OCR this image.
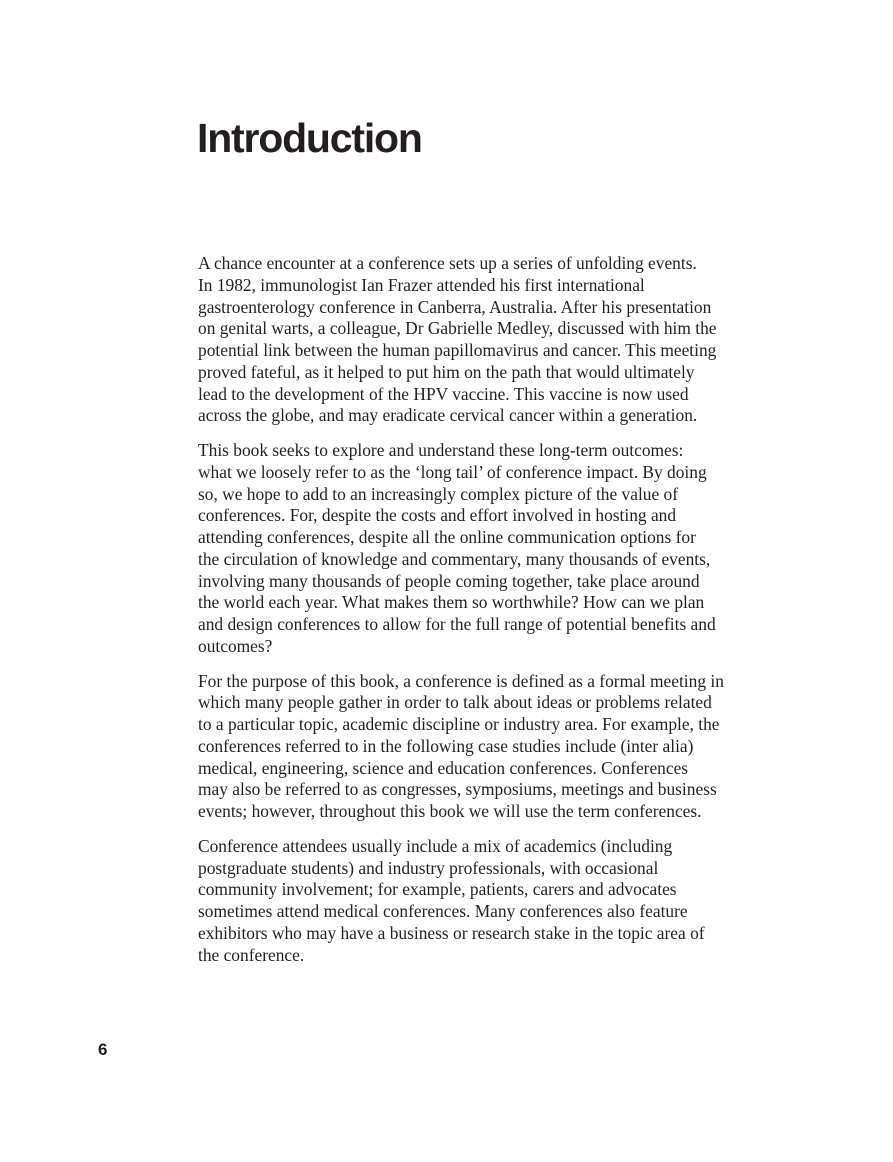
Introduction

A chance encounter at a conference sets up a series of unfolding events.
In 1982, immunologist Ian Frazer attended his first international
gastroenterology conference in Canberra, Australia. After his presentation
on genital warts, a colleague, Dr Gabrielle Medley, discussed with him the
potential link between the human papillomavirus and cancer. This meeting
proved fateful, as it helped to put him on the path that would ultimately
lead to the development of the HPV vaccine. This vaccine is now used
across the globe, and may eradicate cervical cancer within a generation.

This book seeks to explore and understand these long-term outcomes:
what we loosely refer to as the ‘long tail’ of conference impact. By doing
so, we hope to add to an increasingly complex picture of the value of
conferences. For, despite the costs and effort involved in hosting and
attending conferences, despite all the online communication options for
the circulation of knowledge and commentary, many thousands of events,
involving many thousands of people coming together, take place around
the world each year. What makes them so worthwhile? How can we plan
and design conferences to allow for the full range of potential benefits and
outcomes?

For the purpose of this book, a conference is defined as a formal meeting in
which many people gather in order to talk about ideas or problems related
to a particular topic, academic discipline or industry area. For example, the
conferences referred to in the following case studies include (inter alia)
medical, engineering, science and education conferences. Conferences
may also be referred to as congresses, symposiums, meetings and business
events; however, throughout this book we will use the term conferences.

Conference attendees usually include a mix of academics (including
postgraduate students) and industry professionals, with occasional
community involvement; for example, patients, carers and advocates
sometimes attend medical conferences. Many conferences also feature
exhibitors who may have a business or research stake in the topic area of
the conference.

6
